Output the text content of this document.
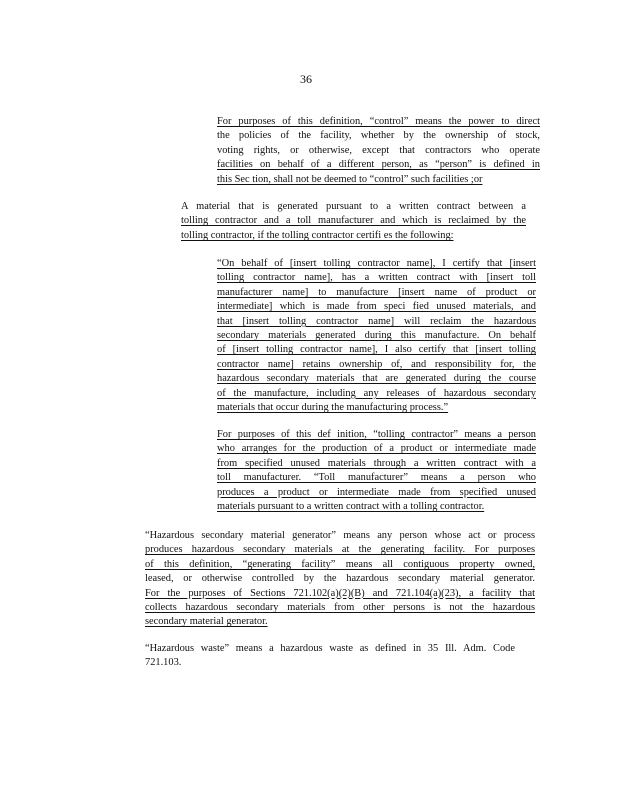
36
For purposes of this definition, “control” means the power to direct
the policies of the facility, whether by the ownership of stock,
voting rights, or otherwise, except that contractors who operate
facilities on behalf of a different person, as “person” is defined in
this Sec tion, shall not be deemed to “control” such facilities ;or
A material that is generated pursuant to a written contract between a
tolling contractor and a toll manufacturer and which is reclaimed by the
tolling contractor, if the tolling contractor certifi es the following:
“On behalf of [insert tolling contractor name], I certify that [insert
tolling contractor name], has a written contract with [insert toll
manufacturer name] to manufacture [insert name of product or
intermediate] which is made from speci fied unused materials, and
that [insert tolling contractor name] will reclaim the hazardous
secondary materials generated during this manufacture. On behalf
of [insert tolling contractor name], I also certify that [insert tolling
contractor name] retains ownership of, and responsibility for, the
hazardous secondary materials that are generated during the course
of the manufacture, including any releases of hazardous secondary
materials that occur during the manufacturing process.”
For purposes of this def inition, “tolling contractor” means a person
who arranges for the production of a product or intermediate made
from specified unused materials through a written contract with a
toll manufacturer. “Toll manufacturer” means a person who
produces a product or intermediate made from specified unused
materials pursuant to a written contract with a tolling contractor.
“Hazardous secondary material generator” means any person whose act or process
produces hazardous secondary materials at the generating facility. For purposes
of this definition, “generating facility” means all contiguous property owned,
leased, or otherwise controlled by the hazardous secondary material generator.
For the purposes of Sections 721.102(a)(2)(B) and 721.104(a)(23), a facility that
collects hazardous secondary materials from other persons is not the hazardous
secondary material generator.
“Hazardous waste” means a hazardous waste as defined in 35 Ill. Adm. Code
721.103.
